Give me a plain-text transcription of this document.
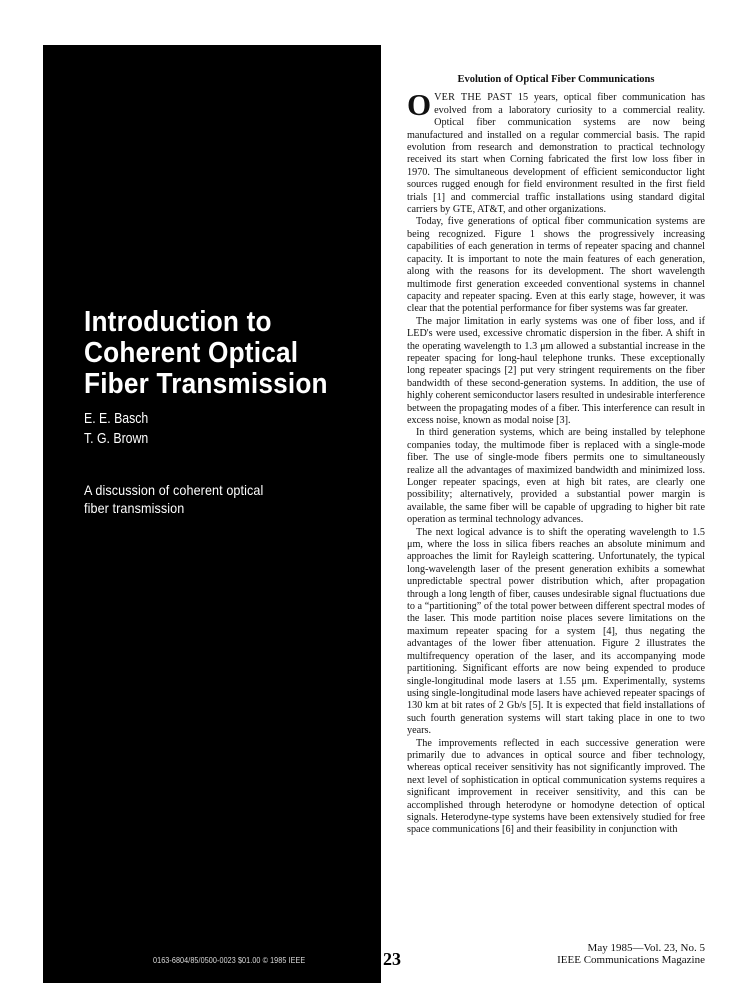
Introduction to
Coherent Optical
Fiber Transmission
E. E. Basch
T. G. Brown
A discussion of coherent optical
fiber transmission
0163-6804/85/0500-0023 $01.00 © 1985 IEEE
Evolution of Optical Fiber Communications

OVER THE PAST 15 years, optical fiber communication has evolved from a laboratory curiosity to a commercial reality. Optical fiber communication systems are now being manufactured and installed on a regular commercial basis. The rapid evolution from research and demonstration to practical technology received its start when Corning fabricated the first low loss fiber in 1970. The simultaneous development of efficient semiconductor light sources rugged enough for field environment resulted in the first field trials [1] and commercial traffic installations using standard digital carriers by GTE, AT&T, and other organizations.

Today, five generations of optical fiber communication systems are being recognized. Figure 1 shows the progressively increasing capabilities of each generation in terms of repeater spacing and channel capacity. It is important to note the main features of each generation, along with the reasons for its development. The short wavelength multimode first generation exceeded conventional systems in channel capacity and repeater spacing. Even at this early stage, however, it was clear that the potential performance for fiber systems was far greater.

The major limitation in early systems was one of fiber loss, and if LED's were used, excessive chromatic dispersion in the fiber. A shift in the operating wavelength to 1.3 μm allowed a substantial increase in the repeater spacing for long-haul telephone trunks. These exceptionally long repeater spacings [2] put very stringent requirements on the fiber bandwidth of these second-generation systems. In addition, the use of highly coherent semiconductor lasers resulted in undesirable interference between the propagating modes of a fiber. This interference can result in excess noise, known as modal noise [3].

In third generation systems, which are being installed by telephone companies today, the multimode fiber is replaced with a single-mode fiber. The use of single-mode fibers permits one to simultaneously realize all the advantages of maximized bandwidth and minimized loss. Longer repeater spacings, even at high bit rates, are clearly one possibility; alternatively, provided a substantial power margin is available, the same fiber will be capable of upgrading to higher bit rate operation as terminal technology advances.

The next logical advance is to shift the operating wavelength to 1.5 μm, where the loss in silica fibers reaches an absolute minimum and approaches the limit for Rayleigh scattering. Unfortunately, the typical long-wavelength laser of the present generation exhibits a somewhat unpredictable spectral power distribution which, after propagation through a long length of fiber, causes undesirable signal fluctuations due to a “partitioning” of the total power between different spectral modes of the laser. This mode partition noise places severe limitations on the maximum repeater spacing for a system [4], thus negating the advantages of the lower fiber attenuation. Figure 2 illustrates the multifrequency operation of the laser, and its accompanying mode partitioning. Significant efforts are now being expended to produce single-longitudinal mode lasers at 1.55 μm. Experimentally, systems using single-longitudinal mode lasers have achieved repeater spacings of 130 km at bit rates of 2 Gb/s [5]. It is expected that field installations of such fourth generation systems will start taking place in one to two years.

The improvements reflected in each successive generation were primarily due to advances in optical source and fiber technology, whereas optical receiver sensitivity has not significantly improved. The next level of sophistication in optical communication systems requires a significant improvement in receiver sensitivity, and this can be accomplished through heterodyne or homodyne detection of optical signals. Heterodyne-type systems have been extensively studied for free space communications [6] and their feasibility in conjunction with

23
May 1985—Vol. 23, No. 5
IEEE Communications Magazine
